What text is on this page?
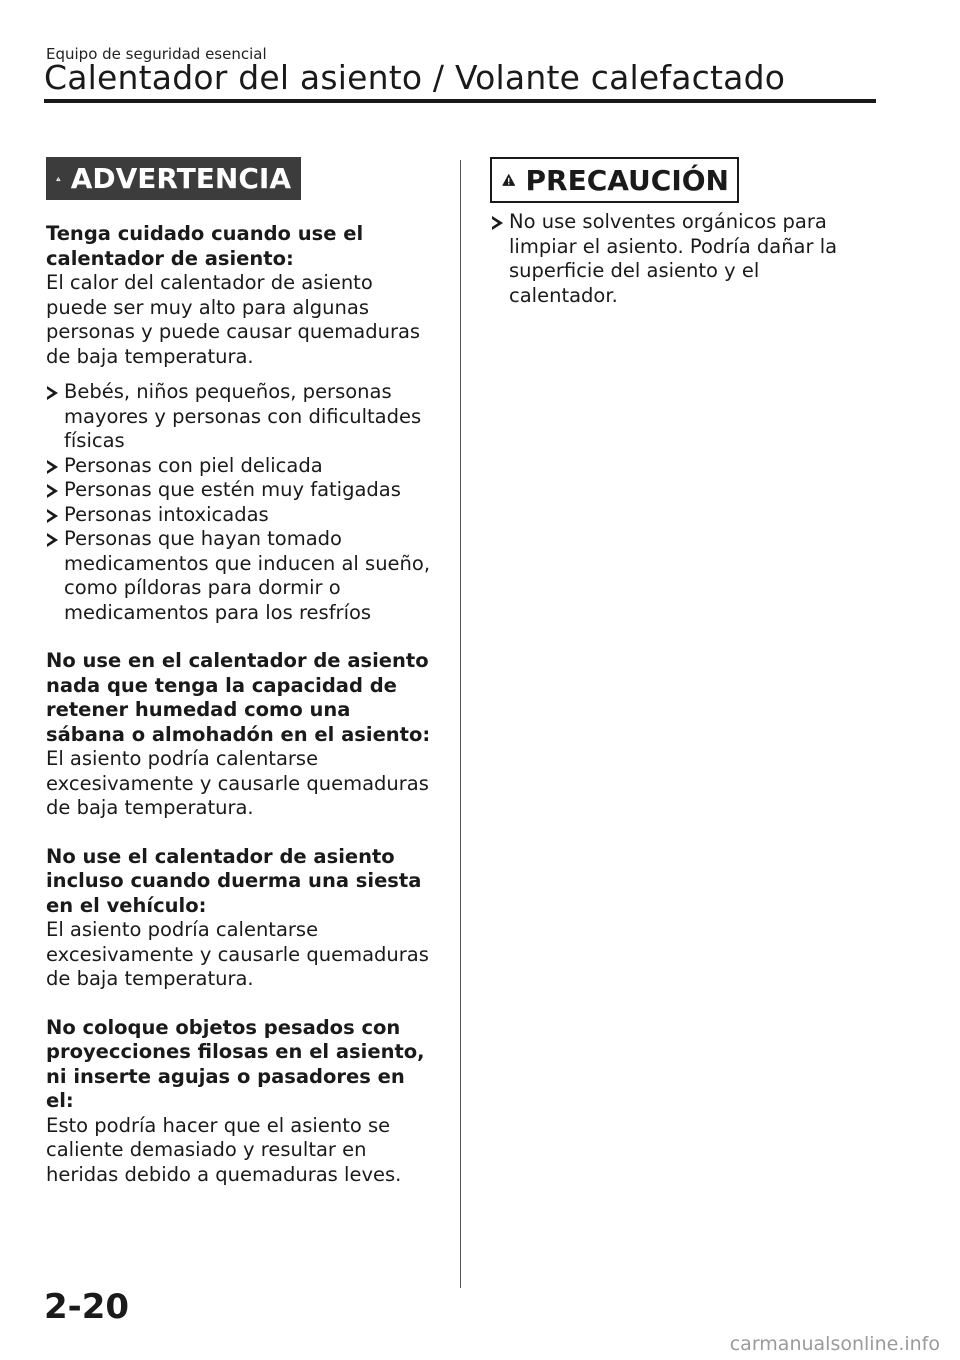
Equipo de seguridad esencial
Calentador del asiento / Volante calefactado
ADVERTENCIA

Tenga cuidado cuando use el calentador de asiento:

El calor del calentador de asiento puede ser muy alto para algunas personas y puede causar quemaduras de baja temperatura.

Bebés, niños pequeños, personas mayores y personas con dificultades físicas
Personas con piel delicada
Personas que estén muy fatigadas
Personas intoxicadas
Personas que hayan tomado medicamentos que inducen al sueño, como píldoras para dormir o medicamentos para los resfríos

No use en el calentador de asiento nada que tenga la capacidad de retener humedad como una sábana o almohadón en el asiento:

El asiento podría calentarse excesivamente y causarle quemaduras de baja temperatura.

No use el calentador de asiento incluso cuando duerma una siesta en el vehículo:

El asiento podría calentarse excesivamente y causarle quemaduras de baja temperatura.

No coloque objetos pesados con proyecciones filosas en el asiento, ni inserte agujas o pasadores en el:

Esto podría hacer que el asiento se caliente demasiado y resultar en heridas debido a quemaduras leves.

PRECAUCIÓN
No use solventes orgánicos para limpiar el asiento. Podría dañar la superficie del asiento y el calentador.
2-20
carmanualsonline.info
